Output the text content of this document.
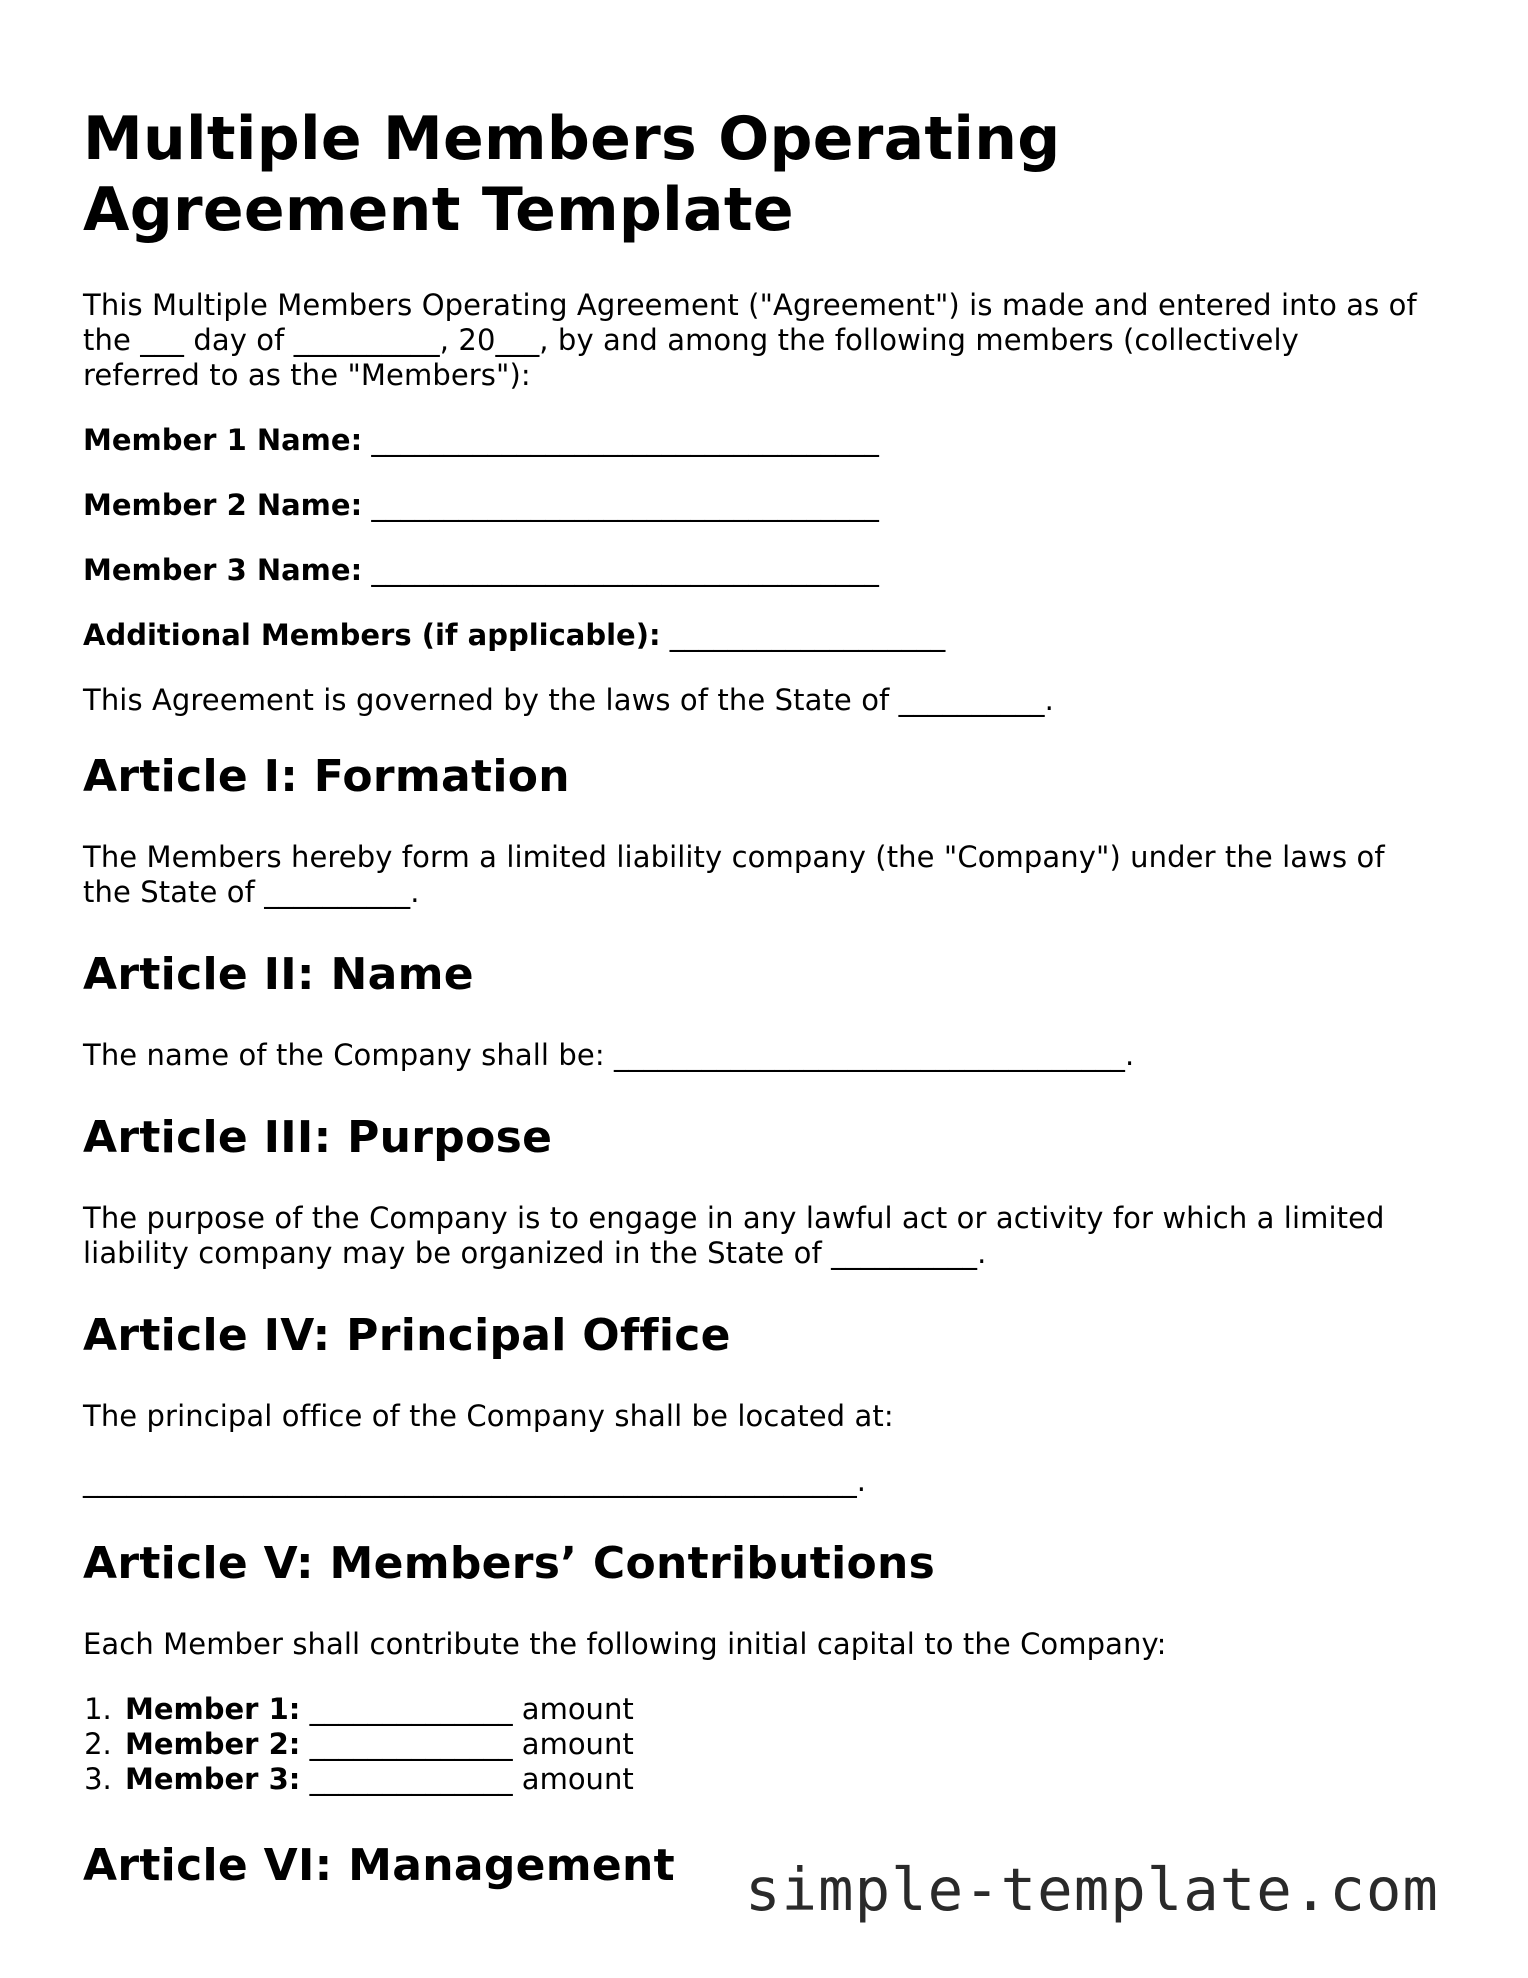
Multiple Members Operating Agreement Template

This Multiple Members Operating Agreement ("Agreement") is made and entered into as of the ___ day of __________, 20___, by and among the following members (collectively referred to as the "Members"):

Member 1 Name: ___________________________________
Member 2 Name: ___________________________________
Member 3 Name: ___________________________________
Additional Members (if applicable): ___________________

This Agreement is governed by the laws of the State of __________.

Article I: Formation

The Members hereby form a limited liability company (the "Company") under the laws of the State of __________.

Article II: Name

The name of the Company shall be: ___________________________________.

Article III: Purpose

The purpose of the Company is to engage in any lawful act or activity for which a limited liability company may be organized in the State of __________.

Article IV: Principal Office

The principal office of the Company shall be located at:

_____________________________________________________.

Article V: Members’ Contributions

Each Member shall contribute the following initial capital to the Company:

1. Member 1: ______________ amount
2. Member 2: ______________ amount
3. Member 3: ______________ amount
Article VI: Management	simple-template.com
